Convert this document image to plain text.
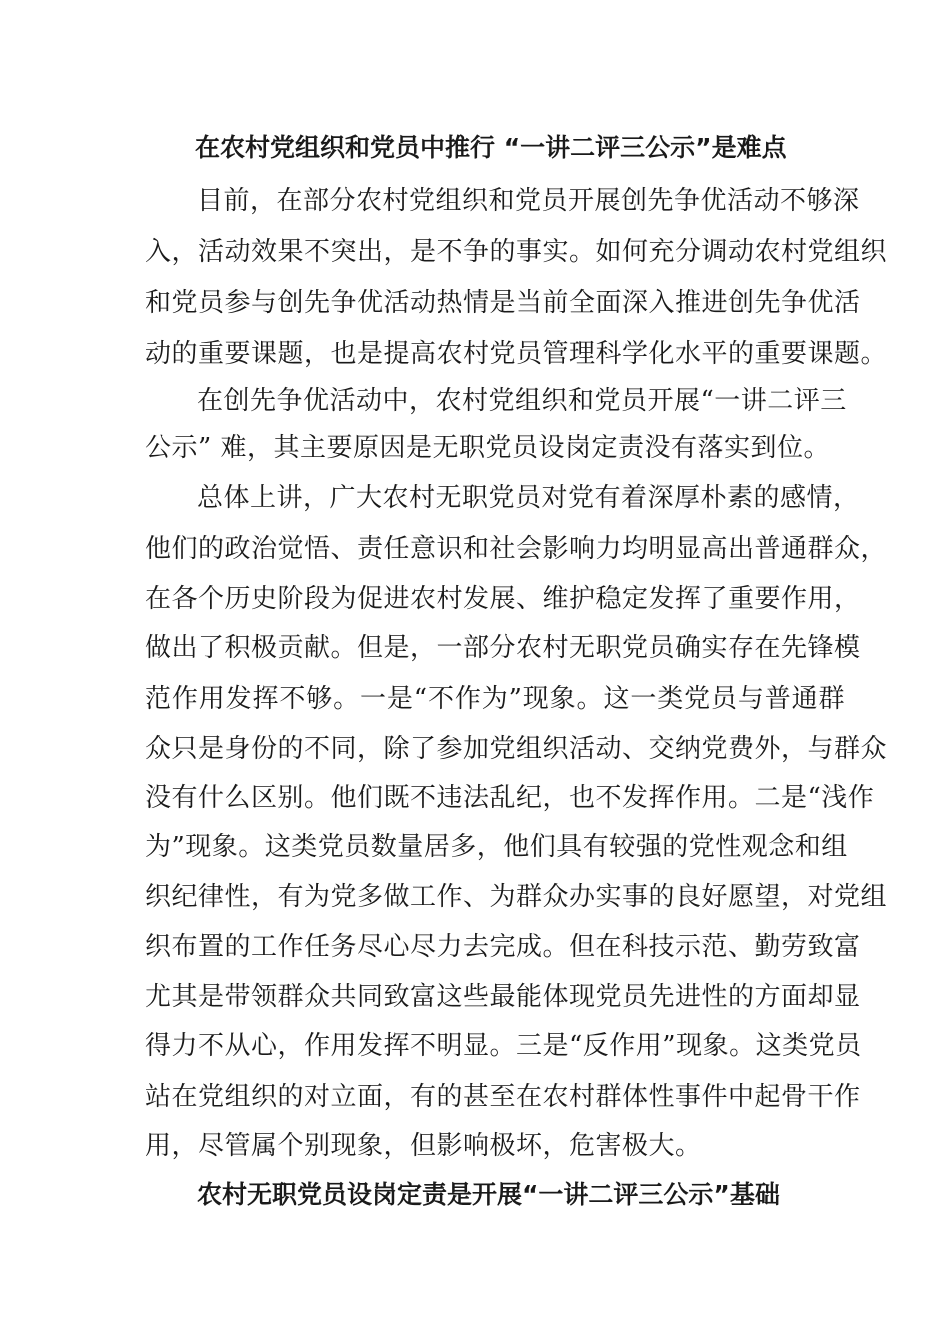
在农村党组织和党员中推行 “一讲二评三公示”是难点
目前，在部分农村党组织和党员开展创先争优活动不够深
入，活动效果不突出，是不争的事实。如何充分调动农村党组织
和党员参与创先争优活动热情是当前全面深入推进创先争优活
动的重要课题，也是提高农村党员管理科学化水平的重要课题。
在创先争优活动中，农村党组织和党员开展“一讲二评三
公示” 难，其主要原因是无职党员设岗定责没有落实到位。
总体上讲，广大农村无职党员对党有着深厚朴素的感情，
他们的政治觉悟、责任意识和社会影响力均明显高出普通群众，
在各个历史阶段为促进农村发展、维护稳定发挥了重要作用，
做出了积极贡献。但是，一部分农村无职党员确实存在先锋模
范作用发挥不够。一是“不作为”现象。这一类党员与普通群
众只是身份的不同，除了参加党组织活动、交纳党费外，与群众
没有什么区别。他们既不违法乱纪，也不发挥作用。二是“浅作
为”现象。这类党员数量居多，他们具有较强的党性观念和组
织纪律性，有为党多做工作、为群众办实事的良好愿望，对党组
织布置的工作任务尽心尽力去完成。但在科技示范、勤劳致富
尤其是带领群众共同致富这些最能体现党员先进性的方面却显
得力不从心，作用发挥不明显。三是“反作用”现象。这类党员
站在党组织的对立面，有的甚至在农村群体性事件中起骨干作
用，尽管属个别现象，但影响极坏，危害极大。
农村无职党员设岗定责是开展“一讲二评三公示”基础
